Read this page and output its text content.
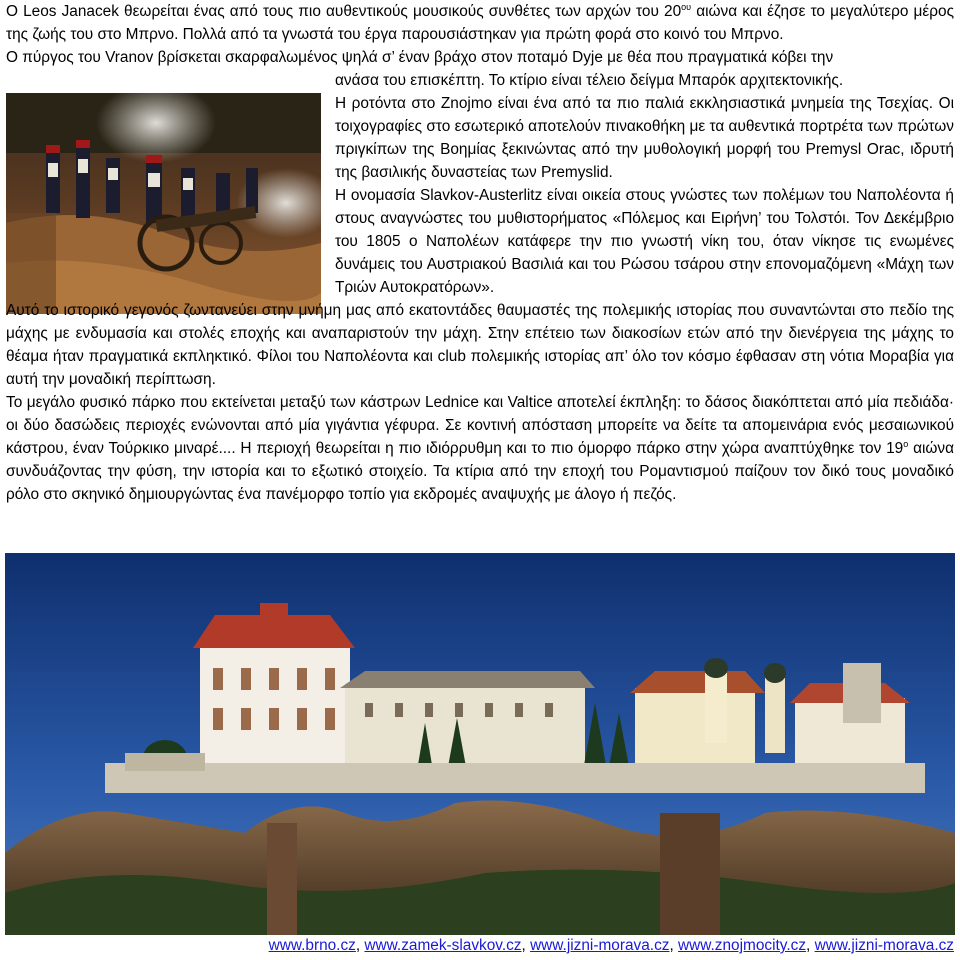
Ο Leos Janacek θεωρείται ένας από τους πιο αυθεντικούς μουσικούς συνθέτες των αρχών του $20^{o\upsilon}$ αιώνα και έζησε το μεγαλύτερο μέρος της ζωής του στο Μπρνο. Πολλά από τα γνωστά του έργα παρουσιάστηκαν για πρώτη φορά στο κοινό του Μπρνο.

Ο πύργος του Vranov βρίσκεται σκαρφαλωμένος ψηλά σ’ έναν βράχο στον ποταμό Dyje με θέα που πραγματικά κόβει την

ανάσα του επισκέπτη. Το κτίριο είναι τέλειο δείγμα Μπαρόκ αρχιτεκτονικής.

Η ροτόντα στο Znojmo είναι ένα από τα πιο παλιά εκκλησιαστικά μνημεία της Τσεχίας. Οι τοιχογραφίες στο εσωτερικό αποτελούν πινακοθήκη με τα αυθεντικά πορτρέτα των πρώτων πριγκίπων της Βοημίας ξεκινώντας από την μυθολογική μορφή του Premysl Orac, ιδρυτή της βασιλικής δυναστείας των Premyslid.

Η ονομασία Slavkov-Austerlitz είναι οικεία στους γνώστες των πολέμων του Ναπολέοντα ή στους αναγνώστες του μυθιστορήματος «Πόλεμος και Ειρήνη’ του Τολστόι. Τον Δεκέμβριο του 1805 ο Ναπολέων κατάφερε την πιο γνωστή νίκη του, όταν νίκησε τις ενωμένες δυνάμεις του Αυστριακού Βασιλιά και του Ρώσου τσάρου στην επονομαζόμενη «Μάχη των Τριών Αυτοκρατόρων».

Αυτό το ιστορικό γεγονός ζωντανεύει στην μνήμη μας από εκατοντάδες θαυμαστές της πολεμικής ιστορίας που συναντώνται στο πεδίο της μάχης με ενδυμασία και στολές εποχής και αναπαριστούν την μάχη. Στην επέτειο των διακοσίων ετών από την διενέργεια της μάχης το θέαμα ήταν πραγματικά εκπληκτικό. Φίλοι του Ναπολέοντα και club πολεμικής ιστορίας απ’ όλο τον κόσμο έφθασαν στη νότια Μοραβία για αυτή την μοναδική περίπτωση.

Το μεγάλο φυσικό πάρκο που εκτείνεται μεταξύ των κάστρων Lednice και Valtice αποτελεί έκπληξη: το δάσος διακόπτεται από μία πεδιάδα· οι δύο δασώδεις περιοχές ενώνονται από μία γιγάντια γέφυρα. Σε κοντινή απόσταση μπορείτε να δείτε τα απομεινάρια ενός μεσαιωνικού κάστρου, έναν Τούρκικο μιναρέ.... Η περιοχή θεωρείται η πιο ιδιόρρυθμη και το πιο όμορφο πάρκο στην χώρα αναπτύχθηκε τον $19^o$ αιώνα συνδυάζοντας την φύση, την ιστορία και το εξωτικό στοιχείο. Τα κτίρια από την εποχή του Ρομαντισμού παίζουν τον δικό τους μοναδικό ρόλο στο σκηνικό δημιουργώντας ένα πανέμορφο τοπίο για εκδρομές αναψυχής με άλογο ή πεζός.

www.brno.cz, www.zamek-slavkov.cz, www.jizni-morava.cz, www.znojmocity.cz, www.jizni-morava.cz
